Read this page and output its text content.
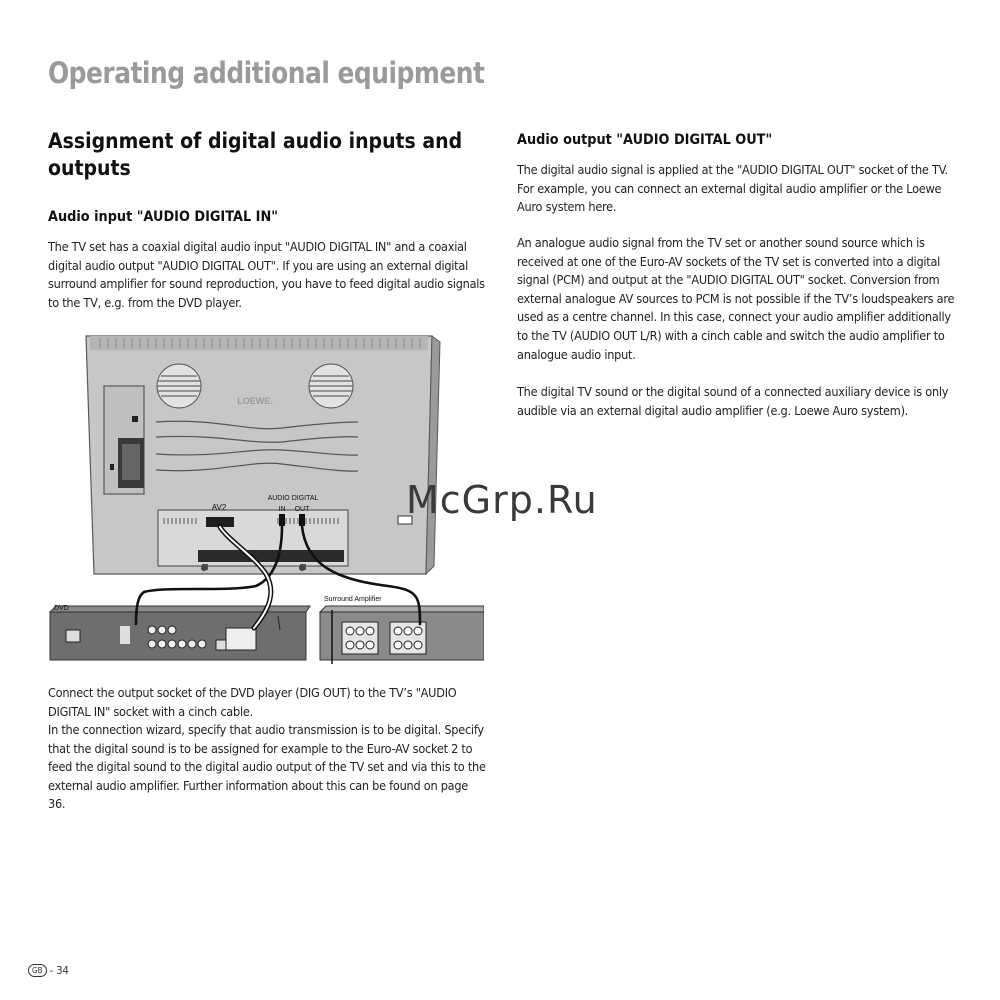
Operating additional equipment
Assignment of digital audio inputs and outputs
Audio input "AUDIO DIGITAL IN"

The TV set has a coaxial digital audio input "AUDIO DIGITAL IN" and a coaxial digital audio output "AUDIO DIGITAL OUT". If you are using an external digital surround amplifier for sound reproduction, you have to feed digital audio signals to the TV, e.g. from the DVD player.

LOEWE.
AV2
AUDIO DIGITAL
IN OUT
DVD
Surround Amplifier

Connect the output socket of the DVD player (DIG OUT) to the TV’s "AUDIO DIGITAL IN" socket with a cinch cable.

In the connection wizard, specify that audio transmission is to be digital. Specify that the digital sound is to be assigned for example to the Euro-AV socket 2 to feed the digital sound to the digital audio output of the TV set and via this to the external audio amplifier. Further information about this can be found on page 36.

Audio output "AUDIO DIGITAL OUT"

The digital audio signal is applied at the "AUDIO DIGITAL OUT" socket of the TV. For example, you can connect an external digital audio amplifier or the Loewe Auro system here.

An analogue audio signal from the TV set or another sound source which is received at one of the Euro-AV sockets of the TV set is converted into a digital signal (PCM) and output at the "AUDIO DIGITAL OUT" socket. Conversion from external analogue AV sources to PCM is not possible if the TV’s loudspeakers are used as a centre channel. In this case, connect your audio amplifier additionally to the TV (AUDIO OUT L/R) with a cinch cable and switch the audio amplifier to analogue audio input.

The digital TV sound or the digital sound of a connected auxiliary device is only audible via an external digital audio amplifier (e.g. Loewe Auro system).

McGrp.Ru
GB - 34
